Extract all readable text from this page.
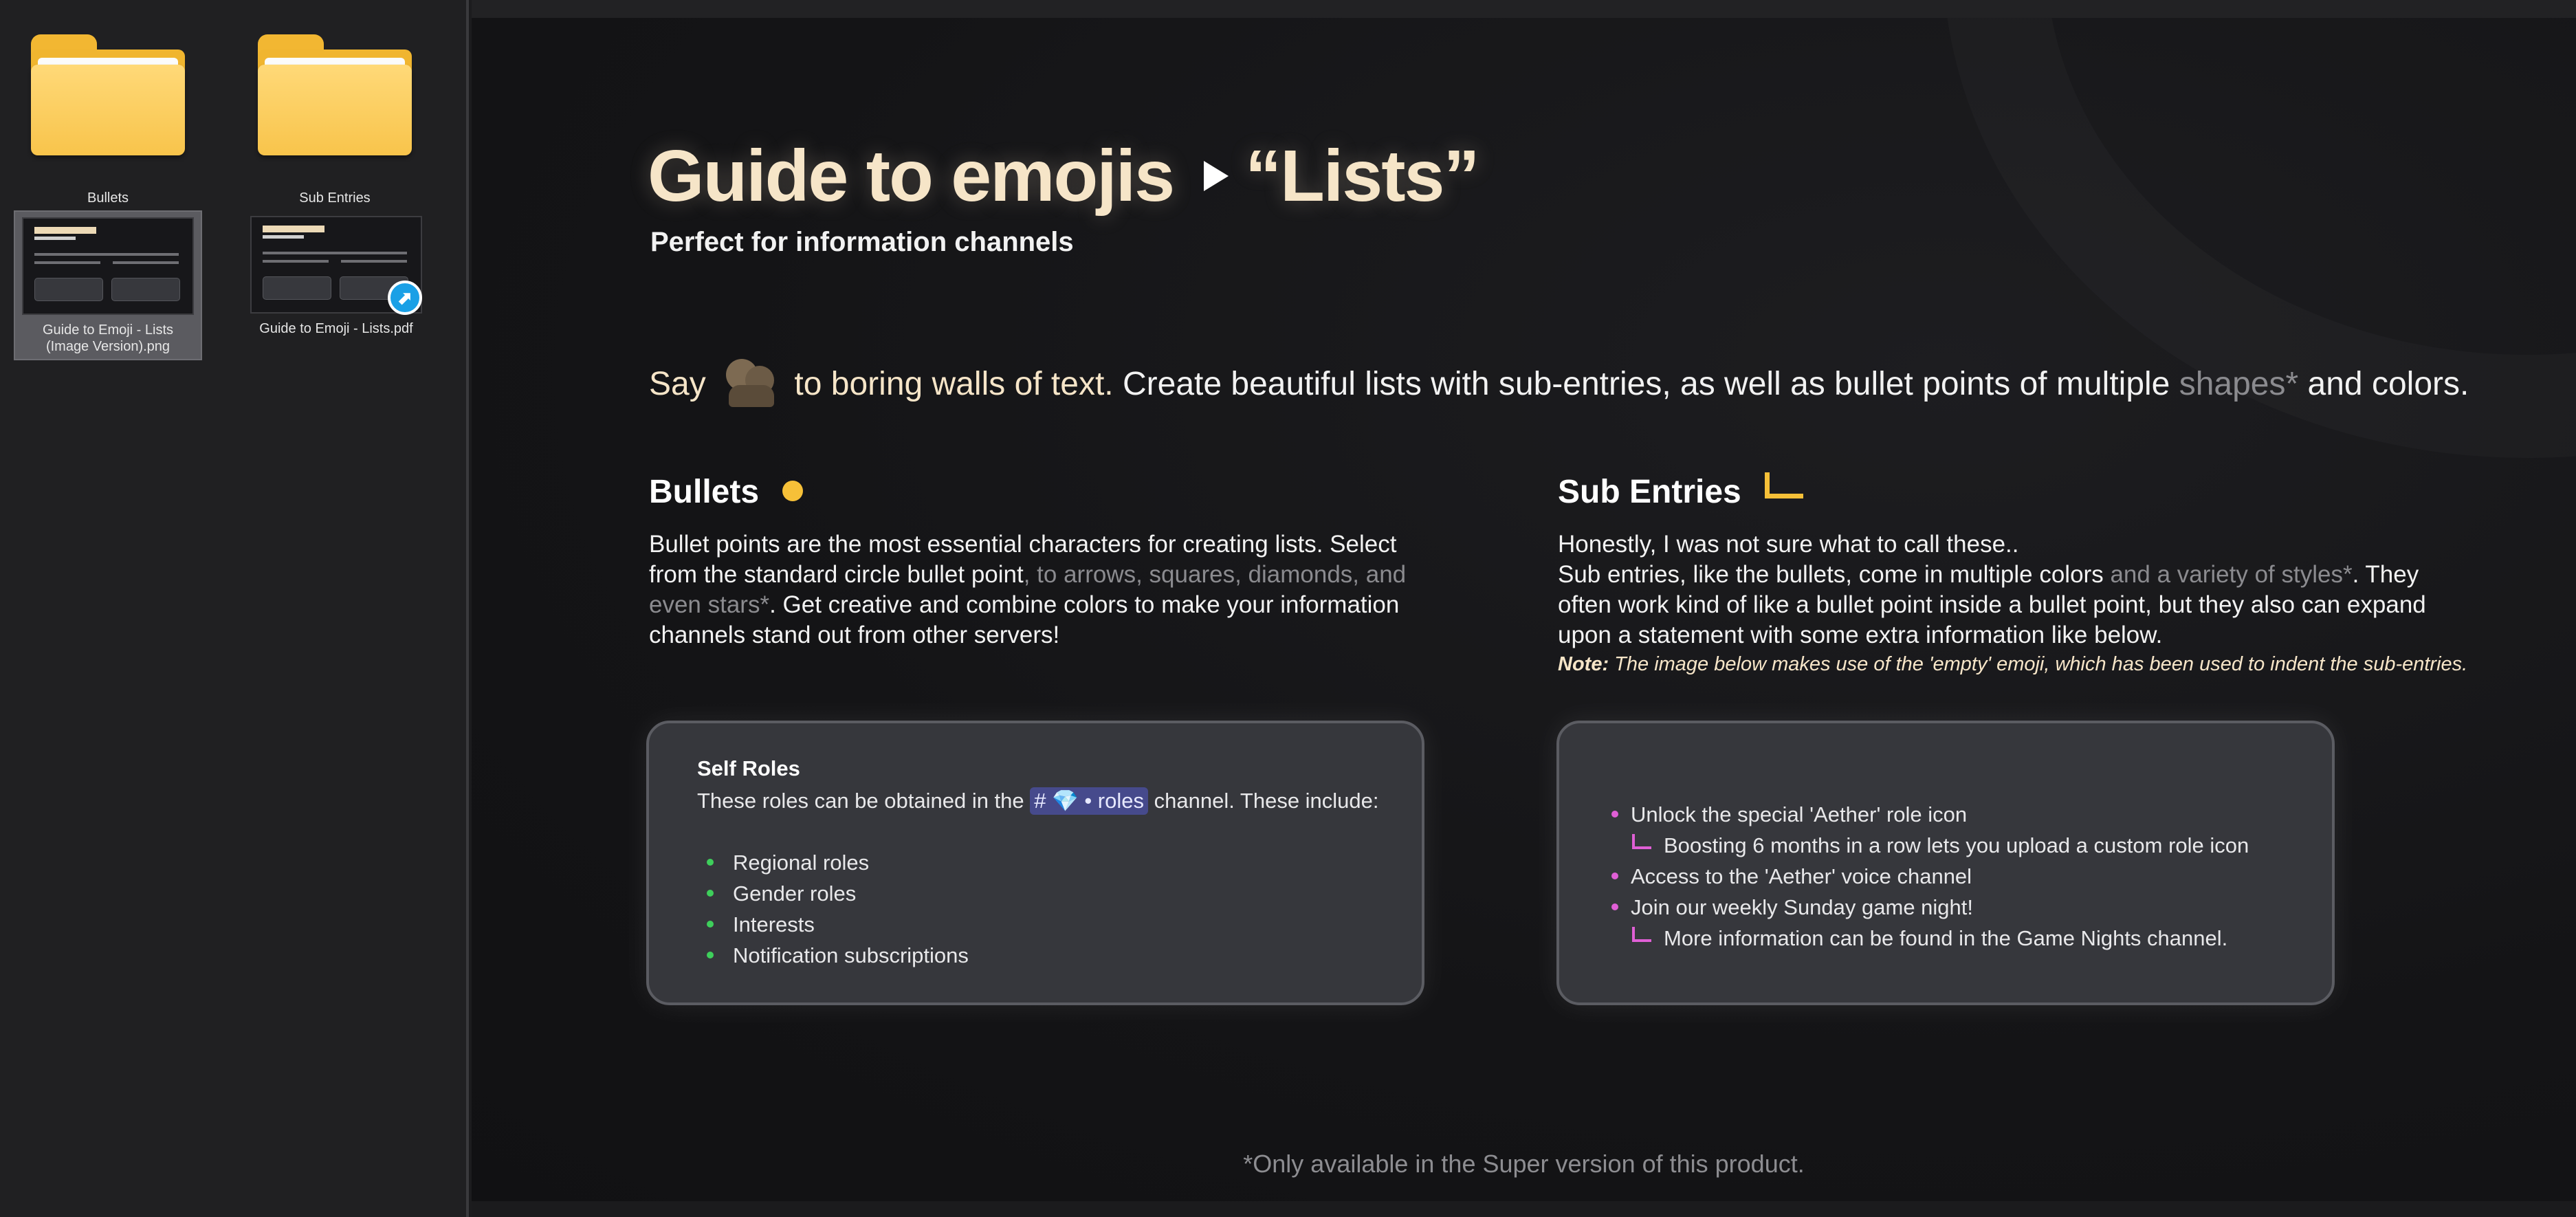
Bullets	Sub Entries
Guide to Emoji - Lists (Image Version).png
⬈
Guide to Emoji - Lists.pdf
Guide to emojis “Lists”
Perfect for information channels
Say	to boring walls of text. Create beautiful lists with sub-entries, as well as bullet points of multiple shapes* and colors.
Bullets
Bullet points are the most essential characters for creating lists. Select from the standard circle bullet point, to arrows, squares, diamonds, and even stars*. Get creative and combine colors to make your information channels stand out from other servers!
Sub Entries
Honestly, I was not sure what to call these..
Sub entries, like the bullets, come in multiple colors and a variety of styles*. They often work kind of like a bullet point inside a bullet point, but they also can expand upon a statement with some extra information like below.
Note: The image below makes use of the 'empty' emoji, which has been used to indent the sub-entries.
Self Roles
These roles can be obtained in the # 💎 • roles channel. These include:
Regional roles
Gender roles
Interests
Notification subscriptions
Unlock the special 'Aether' role icon
Boosting 6 months in a row lets you upload a custom role icon
Access to the 'Aether' voice channel
Join our weekly Sunday game night!
More information can be found in the Game Nights channel.
*Only available in the Super version of this product.
